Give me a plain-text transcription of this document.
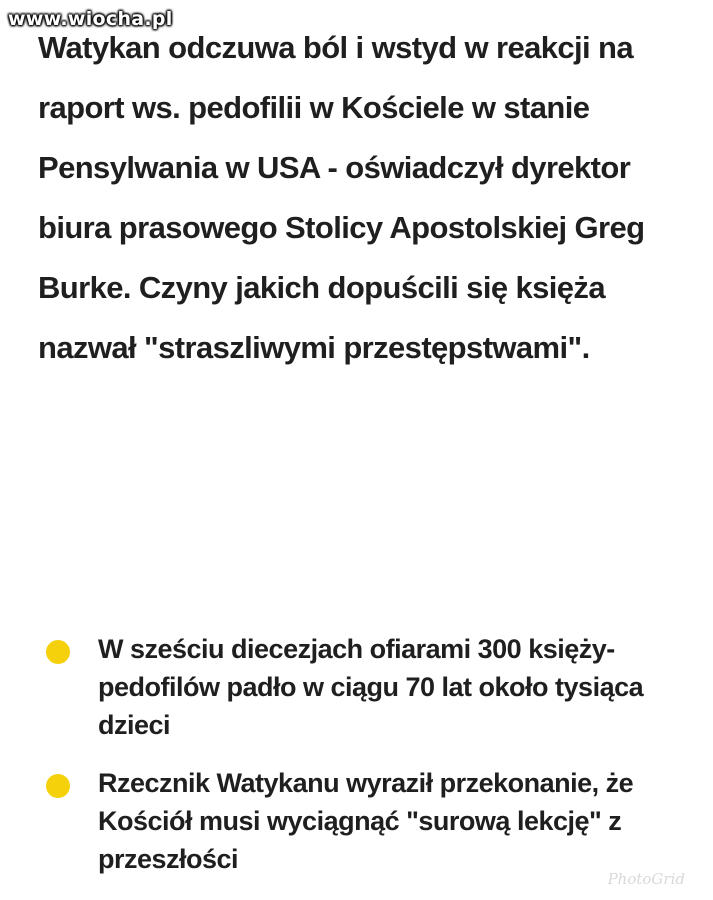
www.wiocha.pl

Watykan odczuwa ból i wstyd w reakcji na raport ws. pedofilii w Kościele w stanie Pensylwania w USA - oświadczył dyrektor biura prasowego Stolicy Apostolskiej Greg Burke. Czyny jakich dopuścili się księża nazwał "straszliwymi przestępstwami".

W sześciu diecezjach ofiarami 300 księży-pedofilów padło w ciągu 70 lat około tysiąca dzieci
Rzecznik Watykanu wyraził przekonanie, że Kościół musi wyciągnąć "surową lekcję" z przeszłości
PhotoGrid
